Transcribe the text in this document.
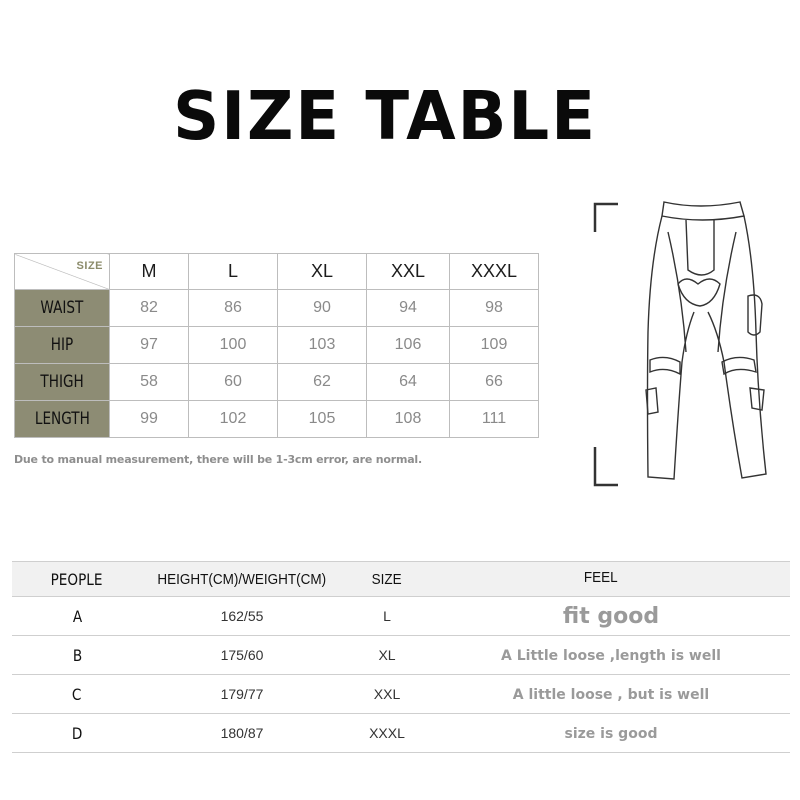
SIZE TABLE
SIZE	M	L	XL	XXL	XXXL
WAIST	82	86	90	94	98
HIP	97	100	103	106	109
THIGH	58	60	62	64	66
LENGTH	99	102	105	108	111
Due to manual measurement, there will be 1-3cm error, are normal.
PEOPLE	HEIGHT(CM)/WEIGHT(CM)	SIZE	FEEL
A	162/55	L	fit good
B	175/60	XL	A Little loose ,length is well
C	179/77	XXL	A little loose , but is well
D	180/87	XXXL	size is good
